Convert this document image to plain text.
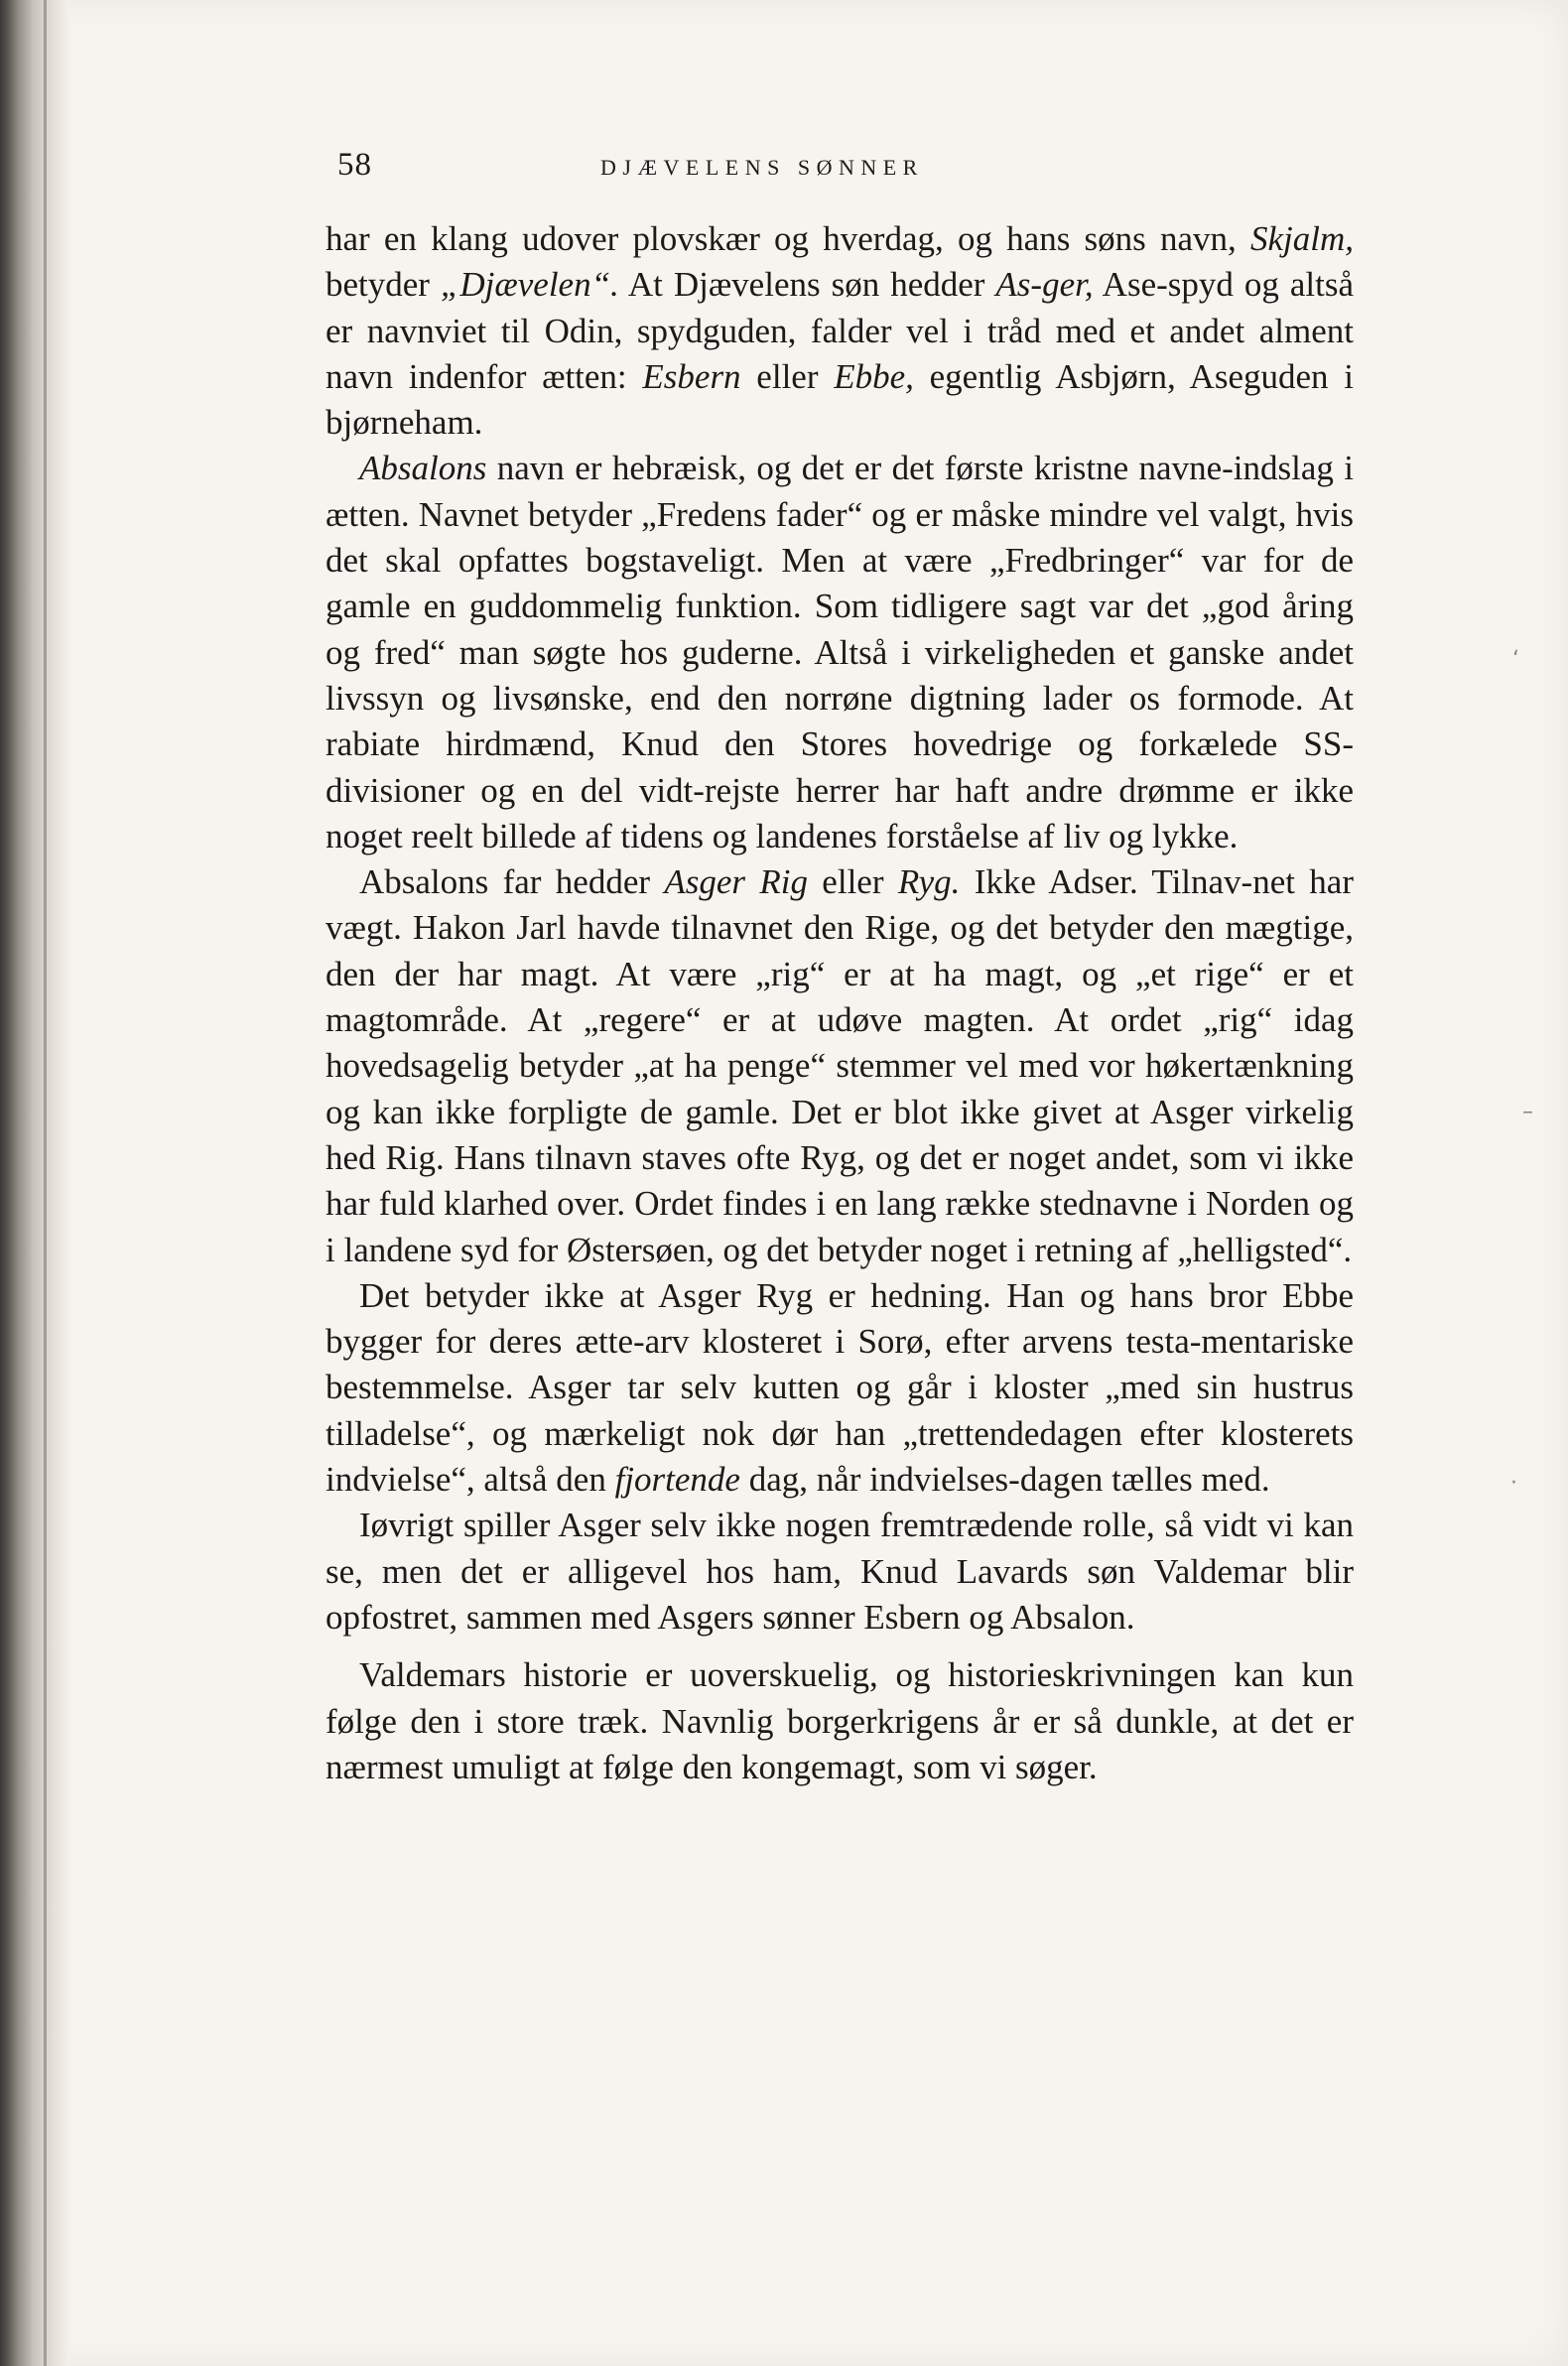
58	DJÆVELENS SØNNER

har en klang udover plovskær og hverdag, og hans søns navn, Skjalm, betyder „Djævelen“. At Djævelens søn hedder As-ger, Ase-spyd og altså er navnviet til Odin, spydguden, falder vel i tråd med et andet alment navn indenfor ætten: Esbern eller Ebbe, egentlig Asbjørn, Aseguden i bjørneham.

Absalons navn er hebræisk, og det er det første kristne navne-indslag i ætten. Navnet betyder „Fredens fader“ og er måske mindre vel valgt, hvis det skal opfattes bogstaveligt. Men at være „Fredbringer“ var for de gamle en guddommelig funktion. Som tidligere sagt var det „god åring og fred“ man søgte hos guderne. Altså i virkeligheden et ganske andet livssyn og livsønske, end den norrøne digtning lader os formode. At rabiate hirdmænd, Knud den Stores hovedrige og forkælede SS-divisioner og en del vidt-rejste herrer har haft andre drømme er ikke noget reelt billede af tidens og landenes forståelse af liv og lykke.

Absalons far hedder Asger Rig eller Ryg. Ikke Adser. Tilnav-net har vægt. Hakon Jarl havde tilnavnet den Rige, og det betyder den mægtige, den der har magt. At være „rig“ er at ha magt, og „et rige“ er et magtområde. At „regere“ er at udøve magten. At ordet „rig“ idag hovedsagelig betyder „at ha penge“ stemmer vel med vor høkertænkning og kan ikke forpligte de gamle. Det er blot ikke givet at Asger virkelig hed Rig. Hans tilnavn staves ofte Ryg, og det er noget andet, som vi ikke har fuld klarhed over. Ordet findes i en lang række stednavne i Norden og i landene syd for Østersøen, og det betyder noget i retning af „helligsted“.

Det betyder ikke at Asger Ryg er hedning. Han og hans bror Ebbe bygger for deres ætte-arv klosteret i Sorø, efter arvens testa-mentariske bestemmelse. Asger tar selv kutten og går i kloster „med sin hustrus tilladelse“, og mærkeligt nok dør han „trettendedagen efter klosterets indvielse“, altså den fjortende dag, når indvielses-dagen tælles med.

Iøvrigt spiller Asger selv ikke nogen fremtrædende rolle, så vidt vi kan se, men det er alligevel hos ham, Knud Lavards søn Valdemar blir opfostret, sammen med Asgers sønner Esbern og Absalon.

Valdemars historie er uoverskuelig, og historieskrivningen kan kun følge den i store træk. Navnlig borgerkrigens år er så dunkle, at det er nærmest umuligt at følge den kongemagt, som vi søger.

‘
–
·
